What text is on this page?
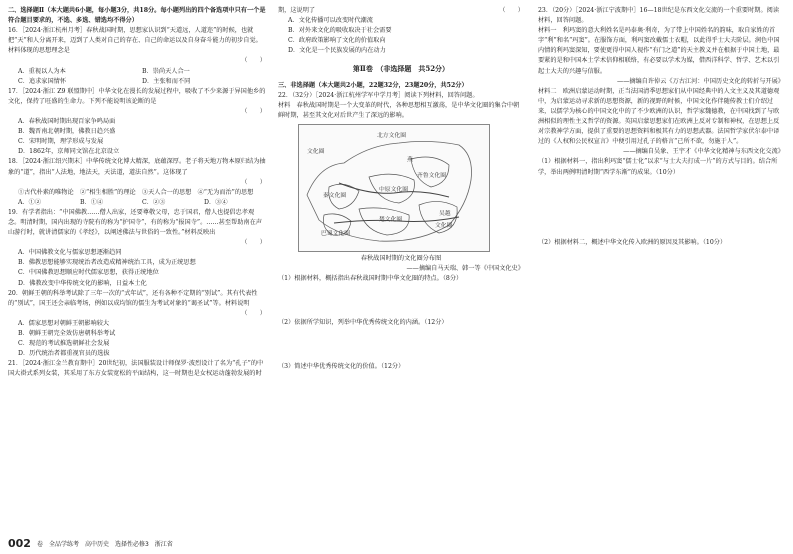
二、选择题Ⅱ（本大题共6小题，每小题3分，共18分。每小题列出的四个备选项中只有一个是符合题目要求的，不选、多选、错选均不得分）
16．［2024·浙江杭州月考］春秋战国时期，思想家认识到“天道远，人道迩”的时候，也就把“天”和人分离开来，迈到了人类对自己的存在、自己的命运以及自身奋斗能力的初步自觉。材料体现的思想理念是
（　　）
A．重视以人为本	B．崇尚天人合一
C．追求家国情怀	D．主张和而不同
17．［2024·浙江 Z9 联盟期中］中华文化在漫长的发展过程中，吸收了不少来源于异国他乡的文化，保持了旺盛的生命力。下列不能说明该论断的是
（　　）
A．春秋战国时期出现百家争鸣局面
B．魏晋南北朝时期，佛教日趋兴盛
C．宋明时期，理学形成与发展
D．1862年，京师同文馆在北京设立
18．［2024·浙江绍兴期末］中华传统文化博大精深，底蕴深厚。老子将天地万物本原归结为抽象的“道”，指出“人法地，地法天，天法道，道法自然”。这体现了
（　　）
①古代朴素的唯物论　②“相生相胜”的理论　③天人合一的思想　④“无为而治”的思想
A．①②	B．①④	C．②③	D．③④
19．有学者指出：“中国佛教……僧人出家，还要尊敬父母，忠于国君，僧人也提倡忠孝观念。明清时期，国内出现的寺院有的称为“护国寺”，有的称为“报国寺”。……甚至帮助南在声山游行时，就讲清儒家的《孝经》，以阐述佛法与世俗的一致性。”材料反映出
（　　）
A．中国佛教文化与儒家思想逐渐趋同
B．佛教思想能够实现统治者改造成精神统治工具，成为正统思想
C．中国佛教思想顺应时代儒家思想，获得正统地位
D．佛教改变中华传统文化的影响，日益本土化
20．朝鲜王朝的科举考试除了三年一次的“式年试”，还有各种不定期的“别试”。其有代表性的“别试”，国王还会亲临考场，例如以成均馆的儒生为考试对象的“谒圣试”等。材料说明
（　　）
A．儒家思想对朝鲜王朝影响较大
B．朝鲜王朝完全效仿唐朝科举考试
C．现范的考试推选朝鲜社会发展
D．历代统治者都重视官员的选拔
21．［2024·浙江金兰教育期中］20世纪初，法国服装设计师保罗·波烈设计了名为“孔子”的中国大褂式系列女装，其采用了东方女装宽松的平面结构，这一时期也是女权运动蓬勃发展的时
期，这说明了	（　　）
A．文化传播可以改变时代潮流
B．对外来文化的吸收取决于社会需要
C．政府政策影响了文化的价值取向
D．文化是一个民族发展的内在动力
第Ⅱ卷　（非选择题　共52分）
三、非选择题（本大题共2小题，22题32分，23题20分，共52分）
22．（32分）［2024·浙江杭州学军中学月考］阅读下列材料，回答问题。
材料　春秋战国时期是一个大变革的时代，各种思想相互激荡，是中华文化圈的集合中朝鲜时期，甚至其文化对后世产生了深远的影响。
北方文化圈
文化圈
燕
齐鲁文化圈
中原文化圈
秦文化圈
楚文化圈
巴蜀文化圈
吴越
文化圈
春秋战国时期的文化圈分布图
——摘编自马天瑞、韩一等《中国文化史》
（1）根据材料，概括指出春秋战国时期中华文化圈的特点。（8分）
（2）依据所学知识，列举中华优秀传统文化的内涵。（12分）
（3）简述中华优秀传统文化的价值。（12分）
23．（20分）［2024·浙江宁波期中］16—18世纪是东西文化交流的一个重要时期。阅读材料，回答问题。
材料一　利玛窦的意大利姓名是玛泰奥·利奇，为了带上中国姓名的韵味，取自家姓的首字“利”和名“玛窦”。在服饰方面，利玛窦改戴儒士衣帽，以此得乎士大夫阶层。润色中国内情的利玛窦深知，要使更得中国人视作“有门之道”的天主教义并在根据于中国土地，最要紧的是和中国本土学术信仰相联络，有必要以学术为媒，借西洋科学、哲学、艺术以引起士大夫的兴趣与信服。
——摘编自许倬云《万古江河：中国历史文化的转折与开展》
材料二　欧洲启蒙运动时期，正当法国清季思想家们从中国经典中的人文主义及其道德观中，为启蒙运动寻求新的思想资源，新的视野的时候，中国文化作伴随传教士们介绍过来，以儒学为核心的中国文化中的了不少欧洲的认识，哲学家魏德教，在中国找到了与欧洲相似的理性主义哲学的资源。英国启蒙思想家们在欧洲上反对专制和神权，在思想上反对宗教神学方面，提供了重要的思想资料和极其有力的思想武器。法国哲学家伏尔泰中译过的《人权和公民权宣言》中便引用过孔子的格言“己所不欲，勿施于人”。
——摘编自吴象、王宇才《中华文化精神与东西文化交流》
（1）根据材料一，指出利玛窦“儒士化”以求“与士大夫打成一片”的方式与目的。结合所学，举出两例明清时期“西学东渐”的成果。（10分）
（2）根据材料二，概述中华文化传入欧洲的原因及其影响。（10分）
002 卷　全品学练考　高中历史　选择性必修3　浙江省
